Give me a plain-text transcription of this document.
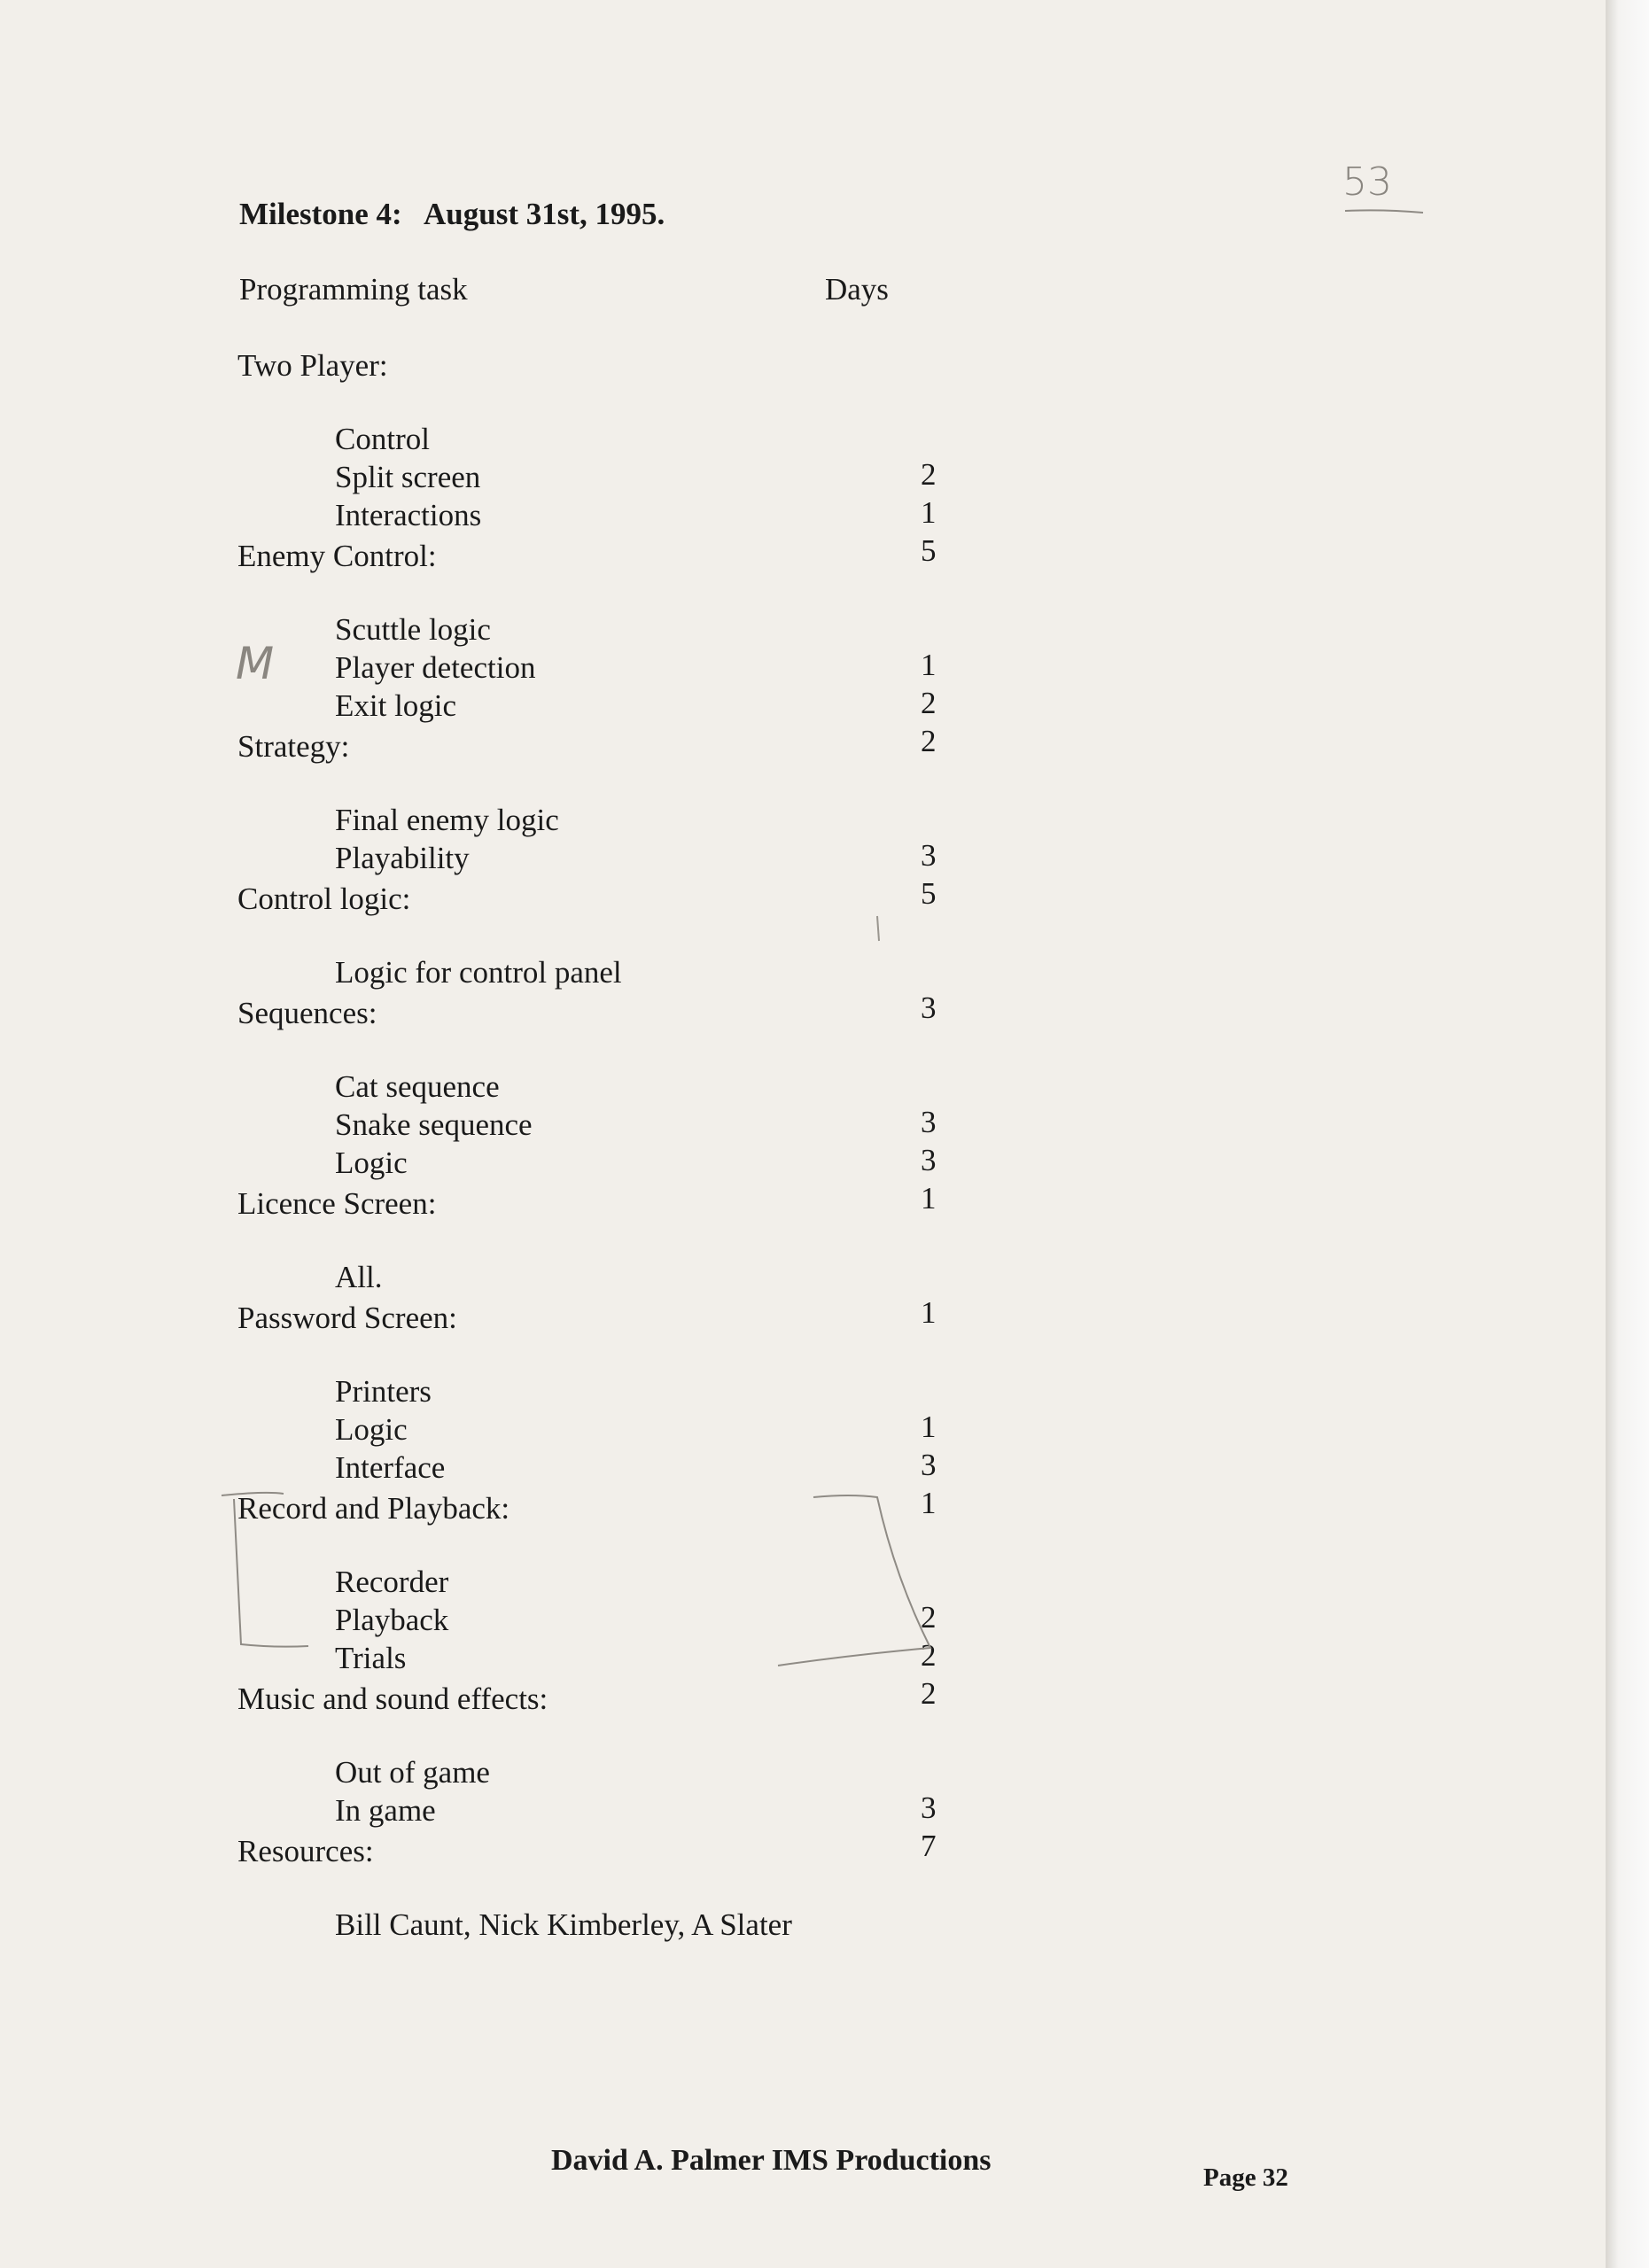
53
Milestone 4:   August 31st, 1995.
Programming task	Days
Two Player:

Control

2

Split screen

1

Interactions

5

Enemy Control:

Scuttle logic

1

Player detection

2

M

Exit logic

2

Strategy:

Final enemy logic

3

Playability

5

Control logic:

Logic for control panel

3

Sequences:

Cat sequence

3

Snake sequence

3

Logic

1

Licence Screen:

All.

1

Password Screen:

Printers

1

Logic

3

Interface

1

Record and Playback:

Recorder

2

Playback

2

Trials

2

Music and sound effects:

Out of game

3

In game

7

Resources:

Bill Caunt, Nick Kimberley, A Slater

David A. Palmer IMS Productions
Page 32
